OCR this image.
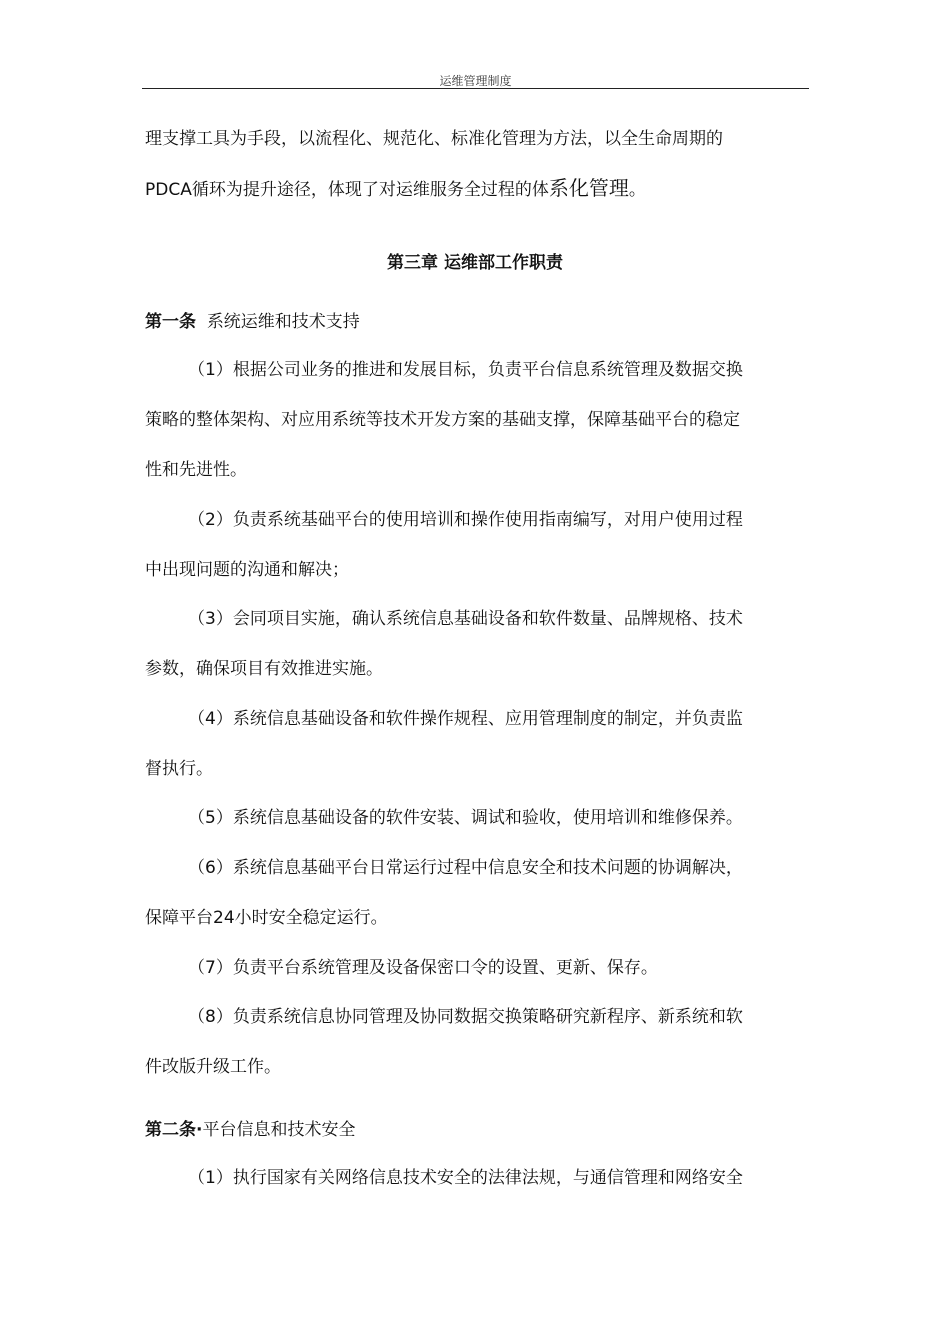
运维管理制度
理支撑工具为手段，以流程化、规范化、标准化管理为方法，以全生命周期的
PDCA循环为提升途径，体现了对运维服务全过程的体系化管理。
第三章 运维部工作职责
第一条 系统运维和技术支持
（1）根据公司业务的推进和发展目标，负责平台信息系统管理及数据交换
策略的整体架构、对应用系统等技术开发方案的基础支撑，保障基础平台的稳定
性和先进性。
（2）负责系统基础平台的使用培训和操作使用指南编写，对用户使用过程
中出现问题的沟通和解决；
（3）会同项目实施，确认系统信息基础设备和软件数量、品牌规格、技术
参数，确保项目有效推进实施。
（4）系统信息基础设备和软件操作规程、应用管理制度的制定，并负责监
督执行。
（5）系统信息基础设备的软件安装、调试和验收，使用培训和维修保养。
（6）系统信息基础平台日常运行过程中信息安全和技术问题的协调解决，
保障平台24小时安全稳定运行。
（7）负责平台系统管理及设备保密口令的设置、更新、保存。
（8）负责系统信息协同管理及协同数据交换策略研究新程序、新系统和软
件改版升级工作。
第二条·平台信息和技术安全
（1）执行国家有关网络信息技术安全的法律法规，与通信管理和网络安全
